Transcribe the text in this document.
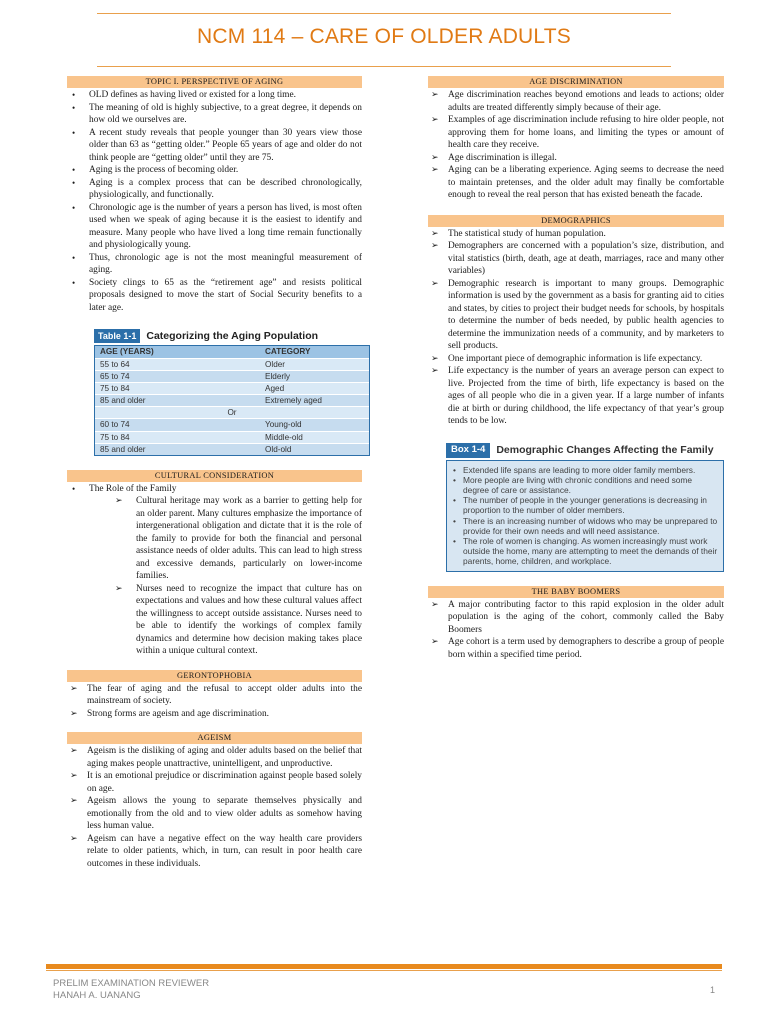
NCM 114 – CARE OF OLDER ADULTS
TOPIC I. PERSPECTIVE OF AGING
• OLD defines as having lived or existed for a long time.
• The meaning of old is highly subjective, to a great degree, it depends on how old we ourselves are.
• A recent study reveals that people younger than 30 years view those older than 63 as “getting older.” People 65 years of age and older do not think people are “getting older” until they are 75.
• Aging is the process of becoming older.
• Aging is a complex process that can be described chronologically, physiologically, and functionally.
• Chronologic age is the number of years a person has lived, is most often used when we speak of aging because it is the easiest to identify and measure. Many people who have lived a long time remain functionally and physiologically young.
• Thus, chronologic age is not the most meaningful measurement of aging.
• Society clings to 65 as the “retirement age” and resists political proposals designed to move the start of Social Security benefits to a later age.
Table 1-1 Categorizing the Aging Population
AGE (YEARS)	CATEGORY
55 to 64	Older
65 to 74	Elderly
75 to 84	Aged
85 and older	Extremely aged
Or
60 to 74	Young-old
75 to 84	Middle-old
85 and older	Old-old
CULTURAL CONSIDERATION
• The Role of the Family
➢ Cultural heritage may work as a barrier to getting help for an older parent. Many cultures emphasize the importance of intergenerational obligation and dictate that it is the role of the family to provide for both the financial and personal assistance needs of older adults. This can lead to high stress and excessive demands, particularly on lower-income families.
➢ Nurses need to recognize the impact that culture has on expectations and values and how these cultural values affect the willingness to accept outside assistance. Nurses need to be able to identify the workings of complex family dynamics and determine how decision making takes place within a unique cultural context.
GERONTOPHOBIA
➢ The fear of aging and the refusal to accept older adults into the mainstream of society.
➢ Strong forms are ageism and age discrimination.
AGEISM
➢ Ageism is the disliking of aging and older adults based on the belief that aging makes people unattractive, unintelligent, and unproductive.
➢ It is an emotional prejudice or discrimination against people based solely on age.
➢ Ageism allows the young to separate themselves physically and emotionally from the old and to view older adults as somehow having less human value.
➢ Ageism can have a negative effect on the way health care providers relate to older patients, which, in turn, can result in poor health care outcomes in these individuals.
AGE DISCRIMINATION
➢ Age discrimination reaches beyond emotions and leads to actions; older adults are treated differently simply because of their age.
➢ Examples of age discrimination include refusing to hire older people, not approving them for home loans, and limiting the types or amount of health care they receive.
➢ Age discrimination is illegal.
➢ Aging can be a liberating experience. Aging seems to decrease the need to maintain pretenses, and the older adult may finally be comfortable enough to reveal the real person that has existed beneath the facade.
DEMOGRAPHICS
➢ The statistical study of human population.
➢ Demographers are concerned with a population’s size, distribution, and vital statistics (birth, death, age at death, marriages, race and many other variables)
➢ Demographic research is important to many groups. Demographic information is used by the government as a basis for granting aid to cities and states, by cities to project their budget needs for schools, by hospitals to determine the number of beds needed, by public health agencies to determine the immunization needs of a community, and by marketers to sell products.
➢ One important piece of demographic information is life expectancy.
➢ Life expectancy is the number of years an average person can expect to live. Projected from the time of birth, life expectancy is based on the ages of all people who die in a given year. If a large number of infants die at birth or during childhood, the life expectancy of that year’s group tends to be low.
Box 1-4	Demographic Changes Affecting the Family
• Extended life spans are leading to more older family members.
• More people are living with chronic conditions and need some degree of care or assistance.
• The number of people in the younger generations is decreasing in proportion to the number of older members.
• There is an increasing number of widows who may be unprepared to provide for their own needs and will need assistance.
• The role of women is changing. As women increasingly must work outside the home, many are attempting to meet the demands of their parents, home, children, and workplace.
THE BABY BOOMERS
➢ A major contributing factor to this rapid explosion in the older adult population is the aging of the cohort, commonly called the Baby Boomers
➢ Age cohort is a term used by demographers to describe a group of people born within a specified time period.
PRELIM EXAMINATION REVIEWER
HANAH A. UANANG	1
